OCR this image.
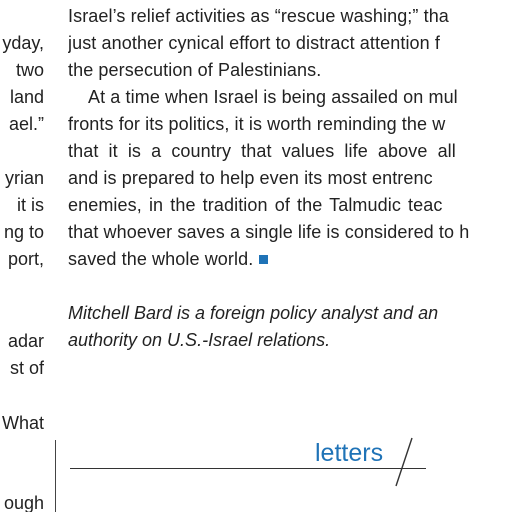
yday,
two
land
ael.”
yrian
it is
ng to
port,
adar
st of
What
ough
Israel’s relief activities as “rescue washing;” tha
just another cynical effort to distract attention f
the persecution of Palestinians.
At a time when Israel is being assailed on mul
fronts for its politics, it is worth reminding the w
that it is a country that values life above all
and is prepared to help even its most entrenc
enemies, in the tradition of the Talmudic teac
that whoever saves a single life is considered to h
saved the whole world.
Mitchell Bard is a foreign policy analyst and an
authority on U.S.-Israel relations.
letters
